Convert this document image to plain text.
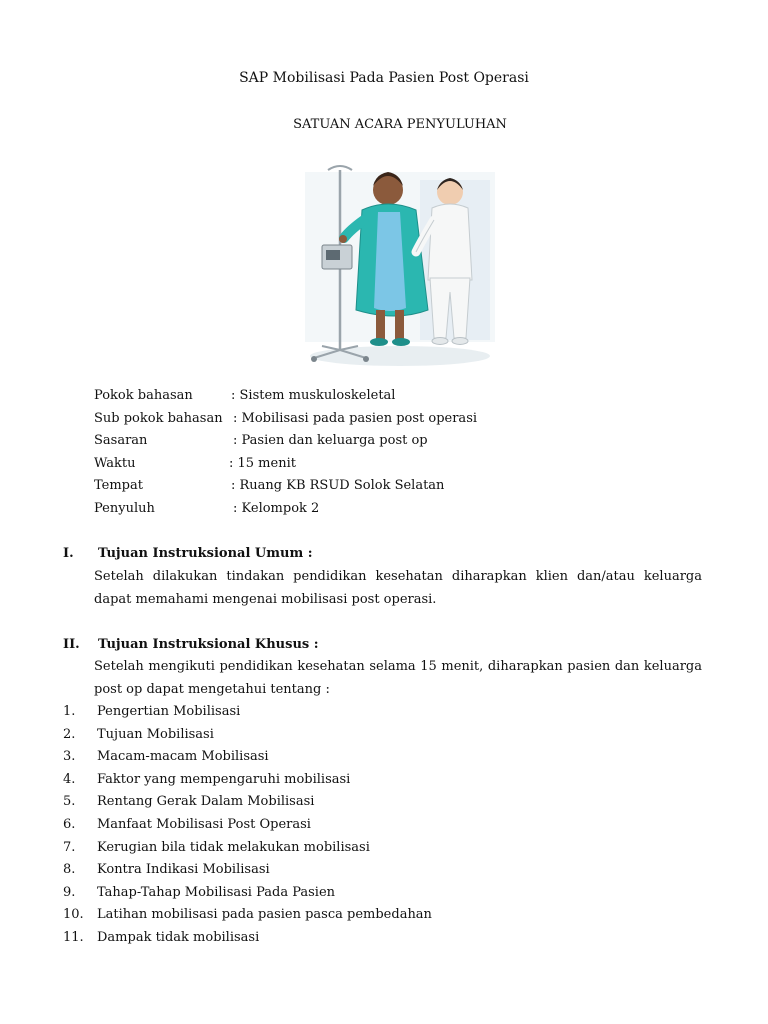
SAP Mobilisasi Pada Pasien Post Operasi
SATUAN ACARA PENYULUHAN
Pokok bahasan	: Sistem muskuloskeletal
Sub pokok bahasan : Mobilisasi pada pasien post operasi
Sasaran	: Pasien dan keluarga post op
Waktu	: 15 menit
Tempat	: Ruang KB RSUD Solok Selatan
Penyuluh	: Kelompok 2
I. Tujuan Instruksional Umum :
Setelah dilakukan tindakan pendidikan kesehatan diharapkan klien dan/atau keluarga dapat memahami mengenai mobilisasi post operasi.
II. Tujuan Instruksional Khusus :
Setelah mengikuti pendidikan kesehatan selama 15 menit, diharapkan pasien dan keluarga post op dapat mengetahui tentang :
1. Pengertian Mobilisasi
2. Tujuan Mobilisasi
3. Macam-macam Mobilisasi
4. Faktor yang mempengaruhi mobilisasi
5. Rentang Gerak Dalam Mobilisasi
6. Manfaat Mobilisasi Post Operasi
7. Kerugian bila tidak melakukan mobilisasi
8. Kontra Indikasi Mobilisasi
9. Tahap-Tahap Mobilisasi Pada Pasien
10. Latihan mobilisasi pada pasien pasca pembedahan
11. Dampak tidak mobilisasi
